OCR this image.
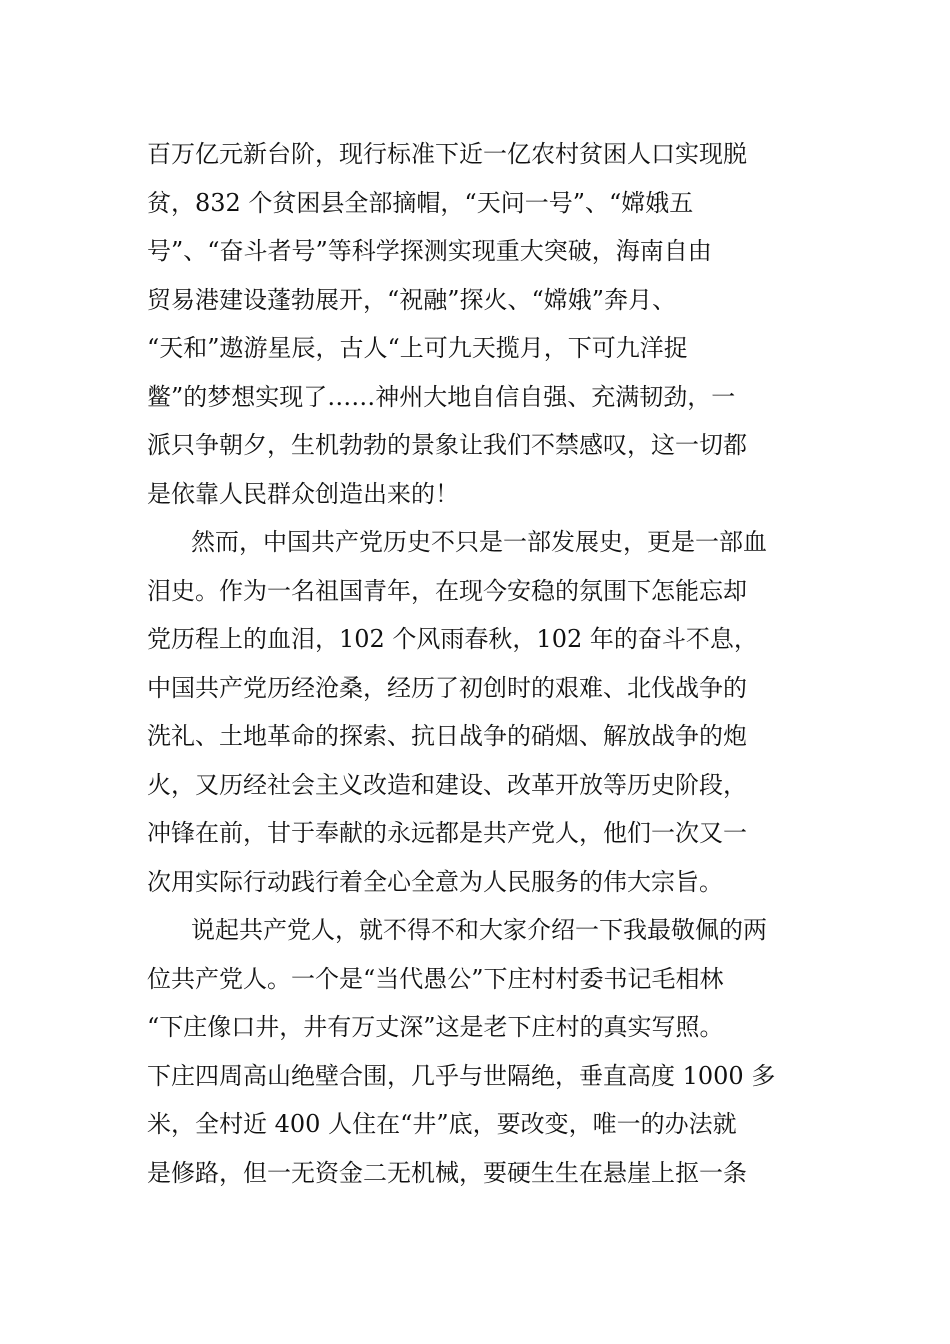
百万亿元新台阶，现行标准下近一亿农村贫困人口实现脱
贫，832 个贫困县全部摘帽，“天问一号”、“嫦娥五
号”、“奋斗者号”等科学探测实现重大突破，海南自由
贸易港建设蓬勃展开，“祝融”探火、“嫦娥”奔月、
“天和”遨游星辰，古人“上可九天揽月，下可九洋捉
鳖”的梦想实现了……神州大地自信自强、充满韧劲，一
派只争朝夕，生机勃勃的景象让我们不禁感叹，这一切都
是依靠人民群众创造出来的！
然而，中国共产党历史不只是一部发展史，更是一部血
泪史。作为一名祖国青年，在现今安稳的氛围下怎能忘却
党历程上的血泪，102 个风雨春秋，102 年的奋斗不息，
中国共产党历经沧桑，经历了初创时的艰难、北伐战争的
洗礼、土地革命的探索、抗日战争的硝烟、解放战争的炮
火，又历经社会主义改造和建设、改革开放等历史阶段，
冲锋在前，甘于奉献的永远都是共产党人，他们一次又一
次用实际行动践行着全心全意为人民服务的伟大宗旨。
说起共产党人，就不得不和大家介绍一下我最敬佩的两
位共产党人。一个是“当代愚公”下庄村村委书记毛相林
“下庄像口井，井有万丈深”这是老下庄村的真实写照。
下庄四周高山绝壁合围，几乎与世隔绝，垂直高度 1000 多
米，全村近 400 人住在“井”底，要改变，唯一的办法就
是修路，但一无资金二无机械，要硬生生在悬崖上抠一条
